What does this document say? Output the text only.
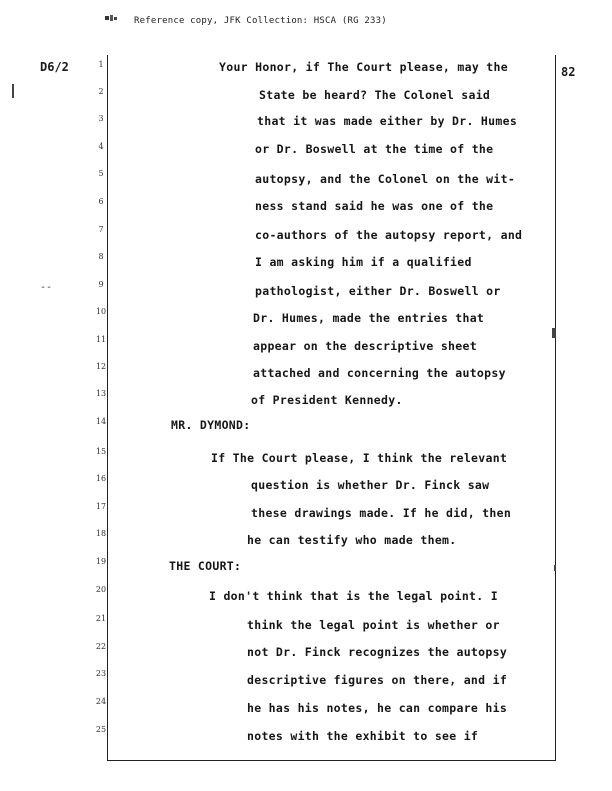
Reference copy, JFK Collection: HSCA (RG 233)
D6/2	82
--
1	Your Honor, if The Court please, may the
2	State be heard? The Colonel said
3	that it was made either by Dr. Humes
4	or Dr. Boswell at the time of the
5	autopsy, and the Colonel on the wit-
6	ness stand said he was one of the
7	co-authors of the autopsy report, and
8	I am asking him if a qualified
9	pathologist, either Dr. Boswell or
10	Dr. Humes, made the entries that
11	appear on the descriptive sheet
12	attached and concerning the autopsy
13	of President Kennedy.
14	MR. DYMOND:
15	If The Court please, I think the relevant
16	question is whether Dr. Finck saw
17	these drawings made. If he did, then
18	he can testify who made them.
19	THE COURT:
20	I don't think that is the legal point. I
21	think the legal point is whether or
22	not Dr. Finck recognizes the autopsy
23	descriptive figures on there, and if
24	he has his notes, he can compare his
25	notes with the exhibit to see if
